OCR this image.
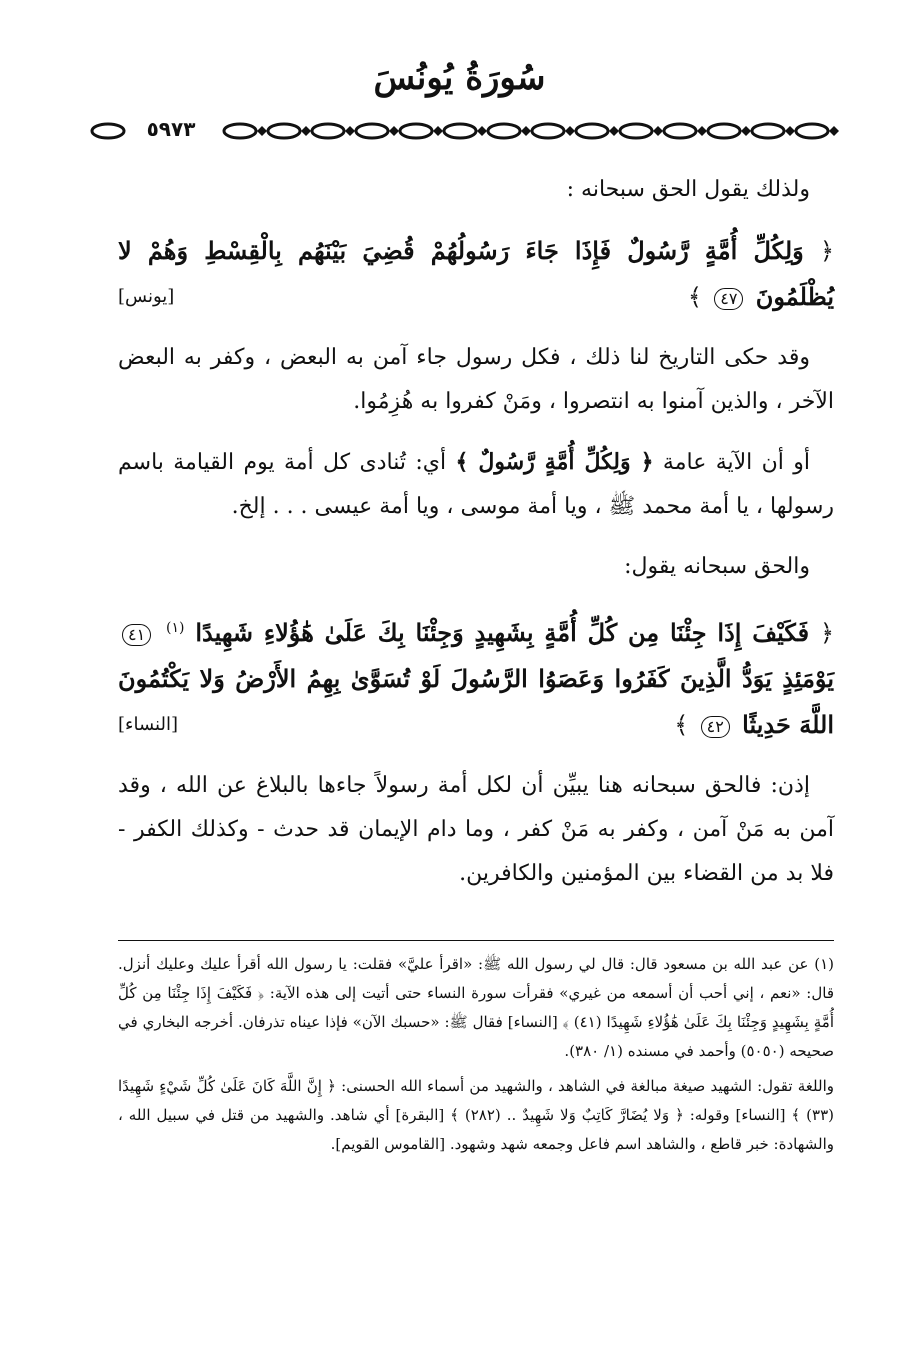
سُورَةُ يُونُسَ
٥٩٧٣

ولذلك يقول الحق سبحانه :

﴿ وَلِكُلِّ أُمَّةٍ رَّسُولٌ فَإِذَا جَاءَ رَسُولُهُمْ قُضِيَ بَيْنَهُم بِالْقِسْطِ وَهُمْ لا يُظْلَمُونَ ٤٧ ﴾
[يونس]

وقد حكى التاريخ لنا ذلك ، فكل رسول جاء آمن به البعض ، وكفر به البعض الآخر ، والذين آمنوا به انتصروا ، ومَنْ كفروا به هُزِمُوا.

أو أن الآية عامة ﴿ وَلِكُلِّ أُمَّةٍ رَّسُولٌ ﴾ أي: تُنادى كل أمة يوم القيامة باسم رسولها ، يا أمة محمد ﷺ ، ويا أمة موسى ، ويا أمة عيسى . . . إلخ.

والحق سبحانه يقول:

﴿ فَكَيْفَ إِذَا جِئْنَا مِن كُلِّ أُمَّةٍ بِشَهِيدٍ وَجِئْنَا بِكَ عَلَىٰ هَٰؤُلاءِ شَهِيدًا $^{(١)}$ ٤١ يَوْمَئِذٍ يَوَدُّ الَّذِينَ كَفَرُوا وَعَصَوُا الرَّسُولَ لَوْ تُسَوَّىٰ بِهِمُ الأَرْضُ وَلا يَكْتُمُونَ اللَّهَ حَدِيثًا ٤٢ ﴾
[النساء]

إذن: فالحق سبحانه هنا يبيِّن أن لكل أمة رسولاً جاءها بالبلاغ عن الله ، وقد آمن به مَنْ آمن ، وكفر به مَنْ كفر ، وما دام الإيمان قد حدث - وكذلك الكفر - فلا بد من القضاء بين المؤمنين والكافرين.

(١) عن عبد الله بن مسعود قال: قال لي رسول الله ﷺ: «اقرأ عليَّ» فقلت: يا رسول الله أقرأ عليك وعليك أنزل. قال: «نعم ، إني أحب أن أسمعه من غيري» فقرأت سورة النساء حتى أتيت إلى هذه الآية: ﴿ فَكَيْفَ إِذَا جِئْنَا مِن كُلِّ أُمَّةٍ بِشَهِيدٍ وَجِئْنَا بِكَ عَلَىٰ هَٰؤُلاءِ شَهِيدًا (٤١) ﴾ [النساء] فقال ﷺ: «حسبك الآن» فإذا عيناه تذرفان. أخرجه البخاري في صحيحه (٥٠٥٠) وأحمد في مسنده (١/ ٣٨٠).

واللغة تقول: الشهيد صيغة مبالغة في الشاهد ، والشهيد من أسماء الله الحسنى: ﴿ إِنَّ اللَّهَ كَانَ عَلَىٰ كُلِّ شَيْءٍ شَهِيدًا (٣٣) ﴾ [النساء] وقوله: ﴿ وَلا يُضَارَّ كَاتِبٌ وَلا شَهِيدٌ .. (٢٨٢) ﴾ [البقرة] أي شاهد. والشهيد من قتل في سبيل الله ، والشهادة: خبر قاطع ، والشاهد اسم فاعل وجمعه شهد وشهود. [القاموس القويم].
